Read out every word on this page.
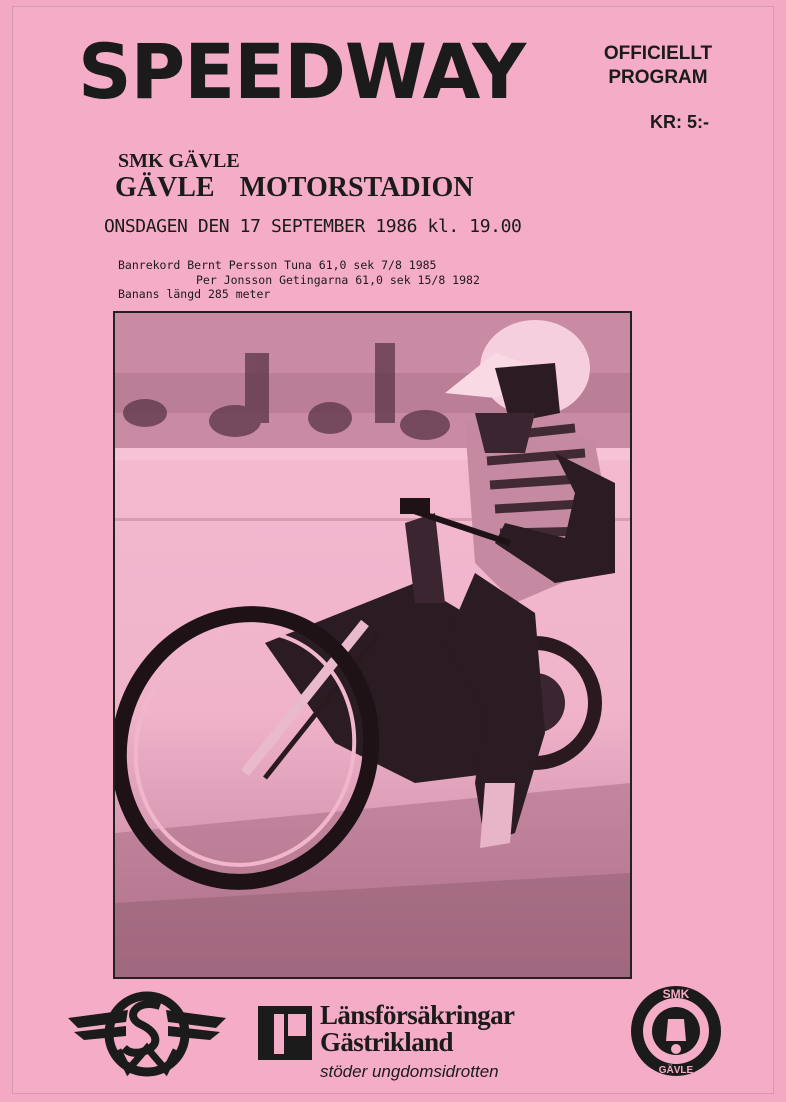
SPEEDWAY	OFFICIELLT
PROGRAM
KR: 5:-
SMK GÄVLE
GÄVLE MOTORSTADION
ONSDAGEN DEN 17 SEPTEMBER 1986 kl. 19.00
Banrekord Bernt Persson Tuna 61,0 sek 7/8 1985
Per Jonsson Getingarna 61,0 sek 15/8 1982
Banans längd 285 meter
Länsförsäkringar
Gästrikland
stöder ungdomsidrotten
SMK
GÄVLE
